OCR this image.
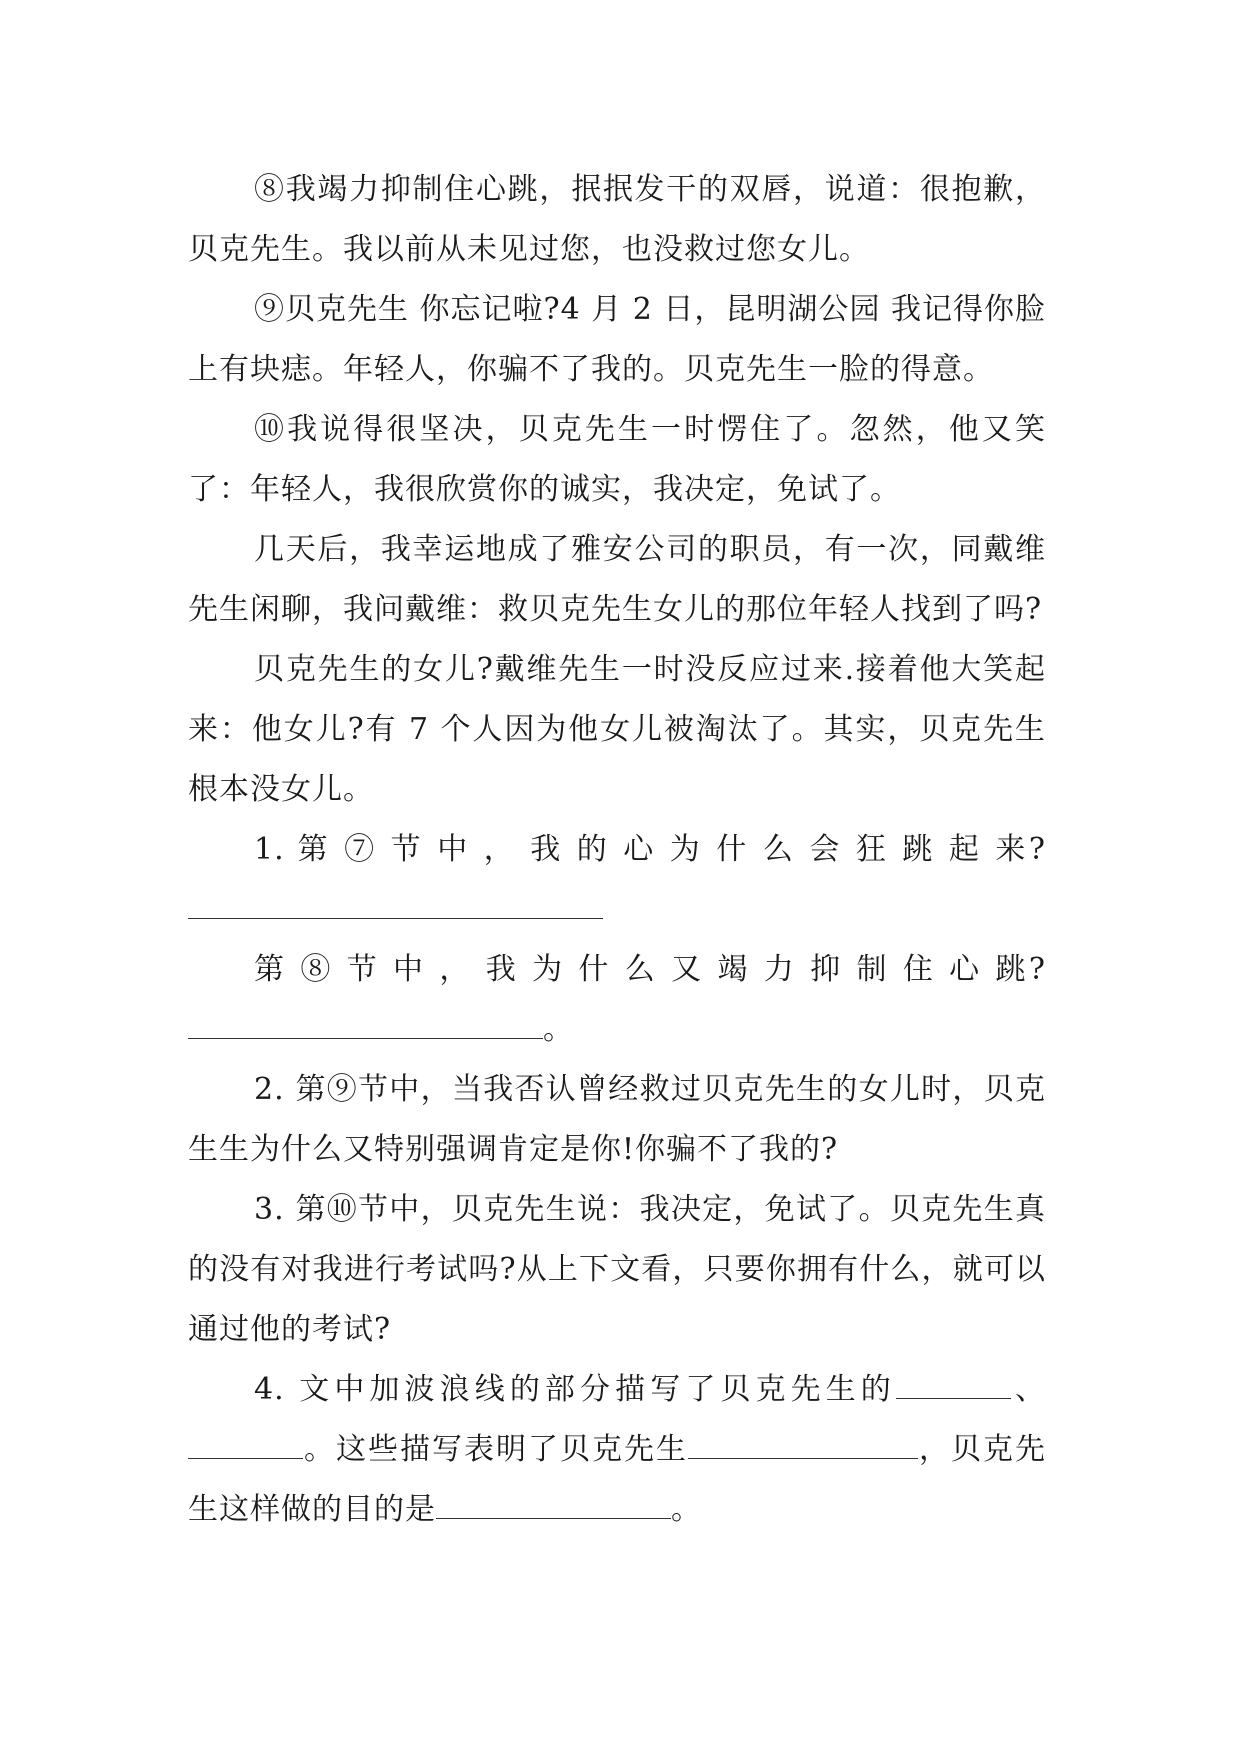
⑧我竭力抑制住心跳，抿抿发干的双唇，说道：很抱歉，贝克先生。我以前从未见过您，也没救过您女儿。

⑨贝克先生 你忘记啦?4 月 2 日，昆明湖公园 我记得你脸上有块痣。年轻人，你骗不了我的。贝克先生一脸的得意。

⑩我说得很坚决，贝克先生一时愣住了。忽然，他又笑了：年轻人，我很欣赏你的诚实，我决定，免试了。

几天后，我幸运地成了雅安公司的职员，有一次，同戴维先生闲聊，我问戴维：救贝克先生女儿的那位年轻人找到了吗?

贝克先生的女儿?戴维先生一时没反应过来.接着他大笑起来：他女儿?有 7 个人因为他女儿被淘汰了。其实，贝克先生根本没女儿。

1. 第 ⑦ 节 中 ， 我 的 心 为 什 么 会 狂 跳 起 来?

第 ⑧ 节 中 ， 我 为 什 么 又 竭 力 抑 制 住 心 跳?。

2. 第⑨节中，当我否认曾经救过贝克先生的女儿时，贝克生生为什么又特别强调肯定是你!你骗不了我的?

3. 第⑩节中，贝克先生说：我决定，免试了。贝克先生真的没有对我进行考试吗?从上下文看，只要你拥有什么，就可以通过他的考试?

4. 文中加波浪线的部分描写了贝克先生的	、。这些描写表明了贝克先生	，贝克先生这样做的目的是	。
